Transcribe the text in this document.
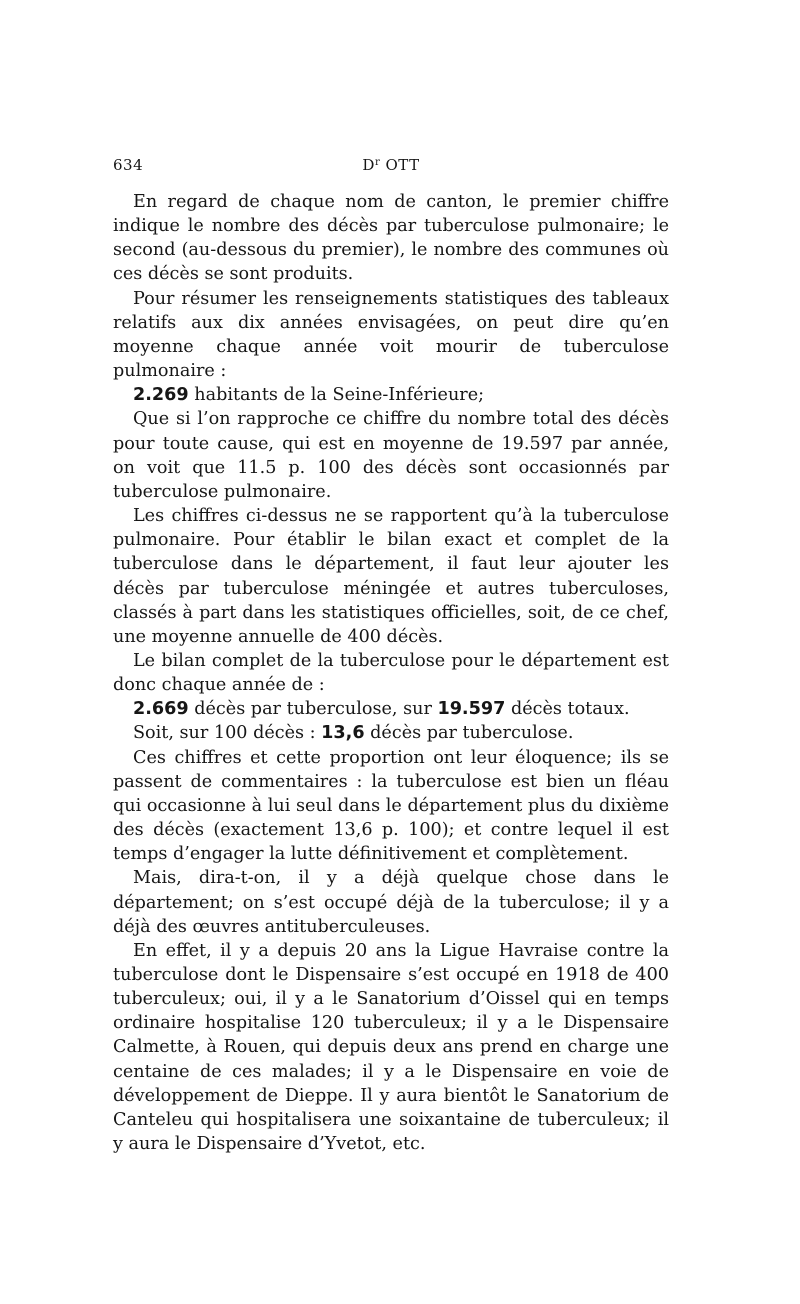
634	$D^r$ OTT

En regard de chaque nom de canton, le premier chiffre indique le nombre des décès par tuberculose pulmonaire; le second (au-dessous du premier), le nombre des communes où ces décès se sont produits.

Pour résumer les renseignements statistiques des tableaux relatifs aux dix années envisagées, on peut dire qu’en moyenne chaque année voit mourir de tuberculose pulmonaire :

2.269 habitants de la Seine-Inférieure;

Que si l’on rapproche ce chiffre du nombre total des décès pour toute cause, qui est en moyenne de 19.597 par année, on voit que 11.5 p. 100 des décès sont occasionnés par tuberculose pulmonaire.

Les chiffres ci-dessus ne se rapportent qu’à la tuberculose pulmonaire. Pour établir le bilan exact et complet de la tuberculose dans le département, il faut leur ajouter les décès par tuberculose méningée et autres tuberculoses, classés à part dans les statistiques officielles, soit, de ce chef, une moyenne annuelle de 400 décès.

Le bilan complet de la tuberculose pour le département est donc chaque année de :

2.669 décès par tuberculose, sur 19.597 décès totaux.

Soit, sur 100 décès : 13,6 décès par tuberculose.

Ces chiffres et cette proportion ont leur éloquence; ils se passent de commentaires : la tuberculose est bien un fléau qui occasionne à lui seul dans le département plus du dixième des décès (exactement 13,6 p. 100); et contre lequel il est temps d’engager la lutte définitivement et complètement.

Mais, dira-t-on, il y a déjà quelque chose dans le département; on s’est occupé déjà de la tuberculose; il y a déjà des œuvres antituberculeuses.

En effet, il y a depuis 20 ans la Ligue Havraise contre la tuberculose dont le Dispensaire s’est occupé en 1918 de 400 tuberculeux; oui, il y a le Sanatorium d’Oissel qui en temps ordinaire hospitalise 120 tuberculeux; il y a le Dispensaire Calmette, à Rouen, qui depuis deux ans prend en charge une centaine de ces malades; il y a le Dispensaire en voie de développement de Dieppe. Il y aura bientôt le Sanatorium de Canteleu qui hospitalisera une soixantaine de tuberculeux; il y aura le Dispensaire d’Yvetot, etc.
